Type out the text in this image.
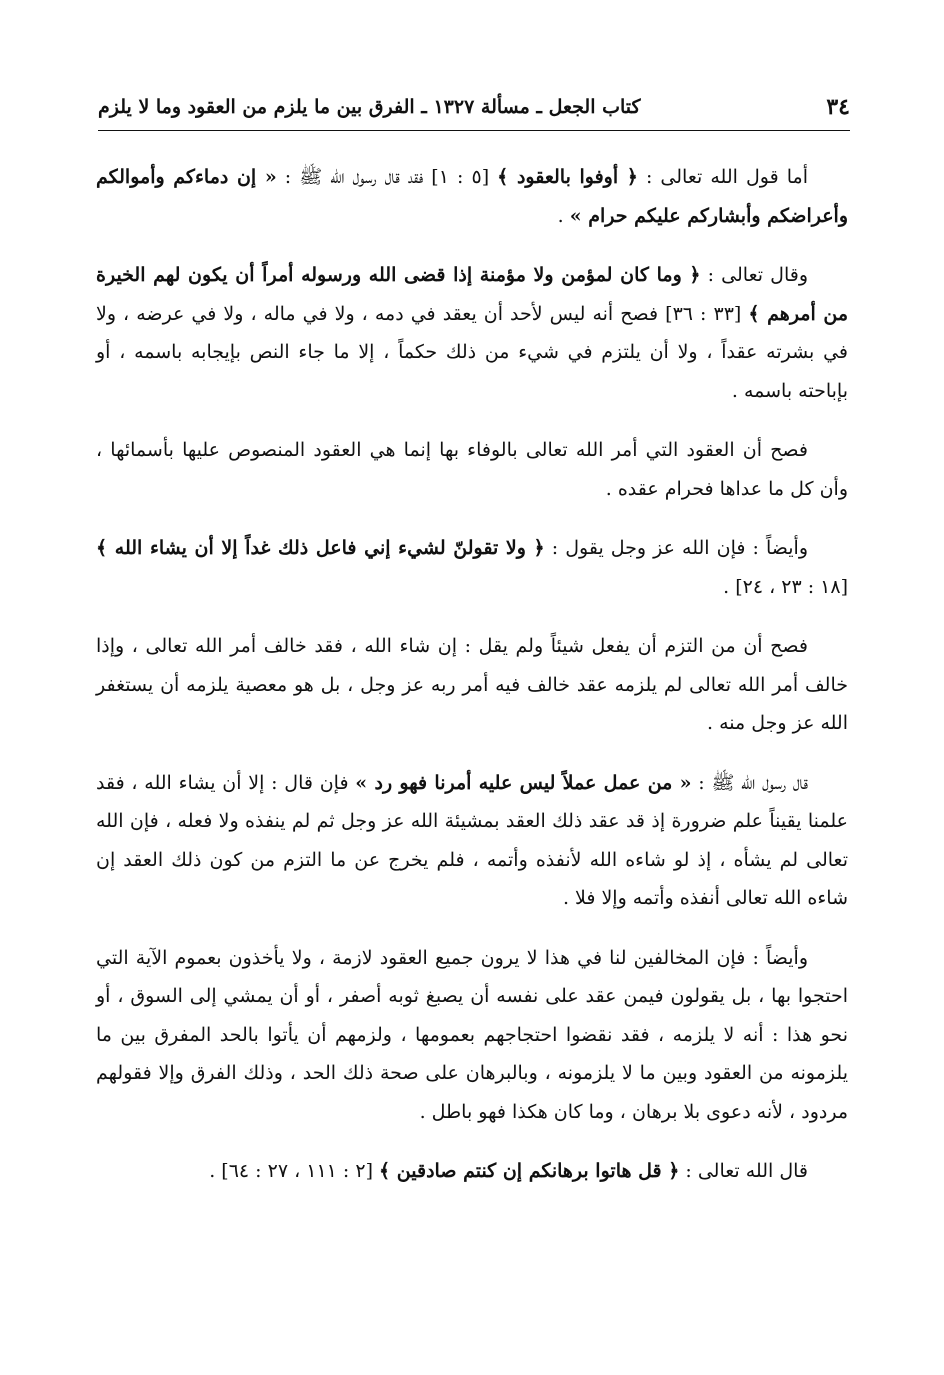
٣٤
كتاب الجعل ـ مسألة ١٣٢٧ ـ الفرق بين ما يلزم من العقود وما لا يلزم

أما قول الله تعالى : ﴿ أوفوا بالعقود ﴾ [٥ : ١] فقد قال رسول الله ﷺ : « إن دماءكم وأموالكم وأعراضكم وأبشاركم عليكم حرام » .

وقال تعالى : ﴿ وما كان لمؤمن ولا مؤمنة إذا قضى الله ورسوله أمراً أن يكون لهم الخيرة من أمرهم ﴾ [٣٣ : ٣٦] فصح أنه ليس لأحد أن يعقد في دمه ، ولا في ماله ، ولا في عرضه ، ولا في بشرته عقداً ، ولا أن يلتزم في شيء من ذلك حكماً ، إلا ما جاء النص بإيجابه باسمه ، أو بإباحته باسمه .

فصح أن العقود التي أمر الله تعالى بالوفاء بها إنما هي العقود المنصوص عليها بأسمائها ، وأن كل ما عداها فحرام عقده .

وأيضاً : فإن الله عز وجل يقول : ﴿ ولا تقولنّ لشيء إني فاعل ذلك غداً إلا أن يشاء الله ﴾ [١٨ : ٢٣ ، ٢٤] .

فصح أن من التزم أن يفعل شيئاً ولم يقل : إن شاء الله ، فقد خالف أمر الله تعالى ، وإذا خالف أمر الله تعالى لم يلزمه عقد خالف فيه أمر ربه عز وجل ، بل هو معصية يلزمه أن يستغفر الله عز وجل منه .

قال رسول الله ﷺ : « من عمل عملاً ليس عليه أمرنا فهو رد » فإن قال : إلا أن يشاء الله ، فقد علمنا يقيناً علم ضرورة إذ قد عقد ذلك العقد بمشيئة الله عز وجل ثم لم ينفذه ولا فعله ، فإن الله تعالى لم يشأه ، إذ لو شاءه الله لأنفذه وأتمه ، فلم يخرج عن ما التزم من كون ذلك العقد إن شاءه الله تعالى أنفذه وأتمه وإلا فلا .

وأيضاً : فإن المخالفين لنا في هذا لا يرون جميع العقود لازمة ، ولا يأخذون بعموم الآية التي احتجوا بها ، بل يقولون فيمن عقد على نفسه أن يصبغ ثوبه أصفر ، أو أن يمشي إلى السوق ، أو نحو هذا : أنه لا يلزمه ، فقد نقضوا احتجاجهم بعمومها ، ولزمهم أن يأتوا بالحد المفرق بين ما يلزمونه من العقود وبين ما لا يلزمونه ، وبالبرهان على صحة ذلك الحد ، وذلك الفرق وإلا فقولهم مردود ، لأنه دعوى بلا برهان ، وما كان هكذا فهو باطل .

قال الله تعالى : ﴿ قل هاتوا برهانكم إن كنتم صادقين ﴾ [٢ : ١١١ ، ٢٧ : ٦٤] .
